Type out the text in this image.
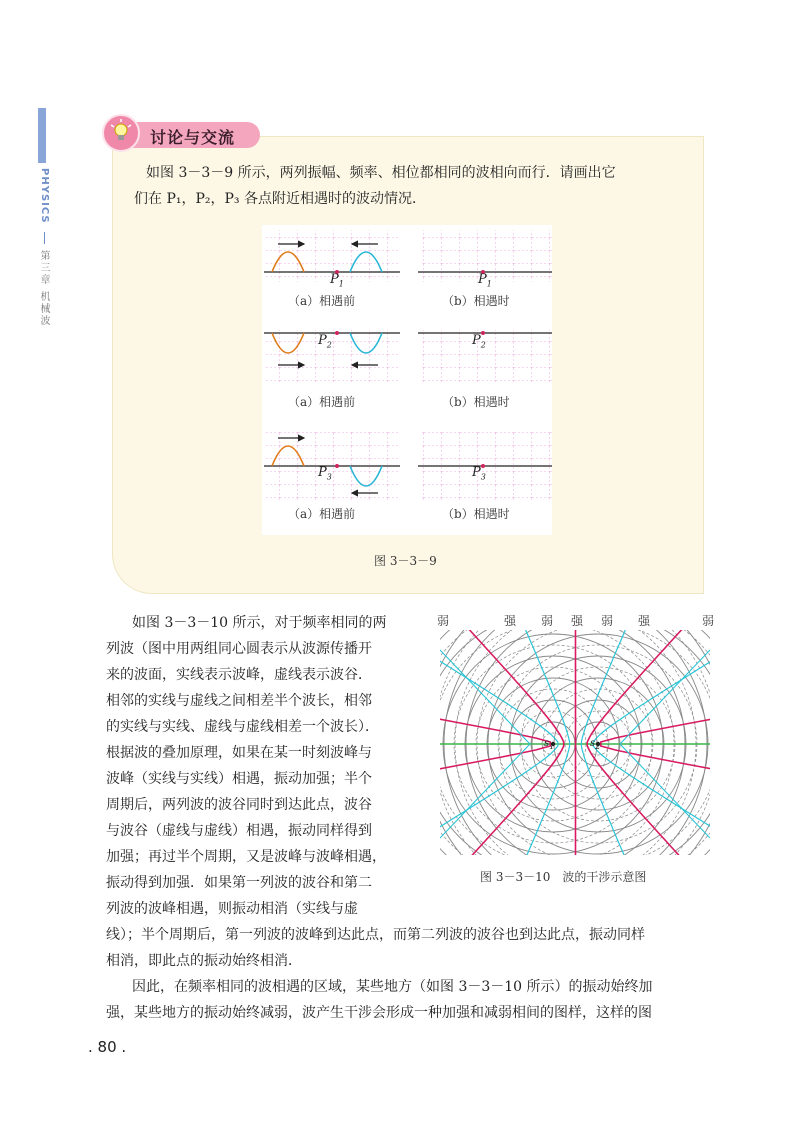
PHYSICS
第三章 机械波
讨论与交流
如图 3－3－9 所示，两列振幅、频率、相位都相同的波相向而行．请画出它
们在 P₁，P₂，P₃ 各点附近相遇时的波动情况．
$P_1$	$P_1$
$P_2$	$P_2$
$P_3$	$P_3$
（a）相遇前	（b）相遇时
（a）相遇前	（b）相遇时
（a）相遇前	（b）相遇时
图 3－3－9
如图 3－3－10 所示，对于频率相同的两
列波（图中用两组同心圆表示从波源传播开
来的波面，实线表示波峰，虚线表示波谷．
相邻的实线与虚线之间相差半个波长，相邻
的实线与实线、虚线与虚线相差一个波长）．
根据波的叠加原理，如果在某一时刻波峰与
波峰（实线与实线）相遇，振动加强；半个
周期后，两列波的波谷同时到达此点，波谷
与波谷（虚线与虚线）相遇，振动同样得到
加强；再过半个周期，又是波峰与波峰相遇，
振动得到加强．如果第一列波的波谷和第二
列波的波峰相遇，则振动相消（实线与虚
线）；半个周期后，第一列波的波峰到达此点，而第二列波的波谷也到达此点，振动同样
相消，即此点的振动始终相消．
因此，在频率相同的波相遇的区域，某些地方（如图 3－3－10 所示）的振动始终加
强，某些地方的振动始终减弱，波产生干涉会形成一种加强和减弱相间的图样，这样的图
弱	强 弱 强 弱 强	弱
$s_1$	$s_2$
图 3－3－10　波的干涉示意图
. 80 .
